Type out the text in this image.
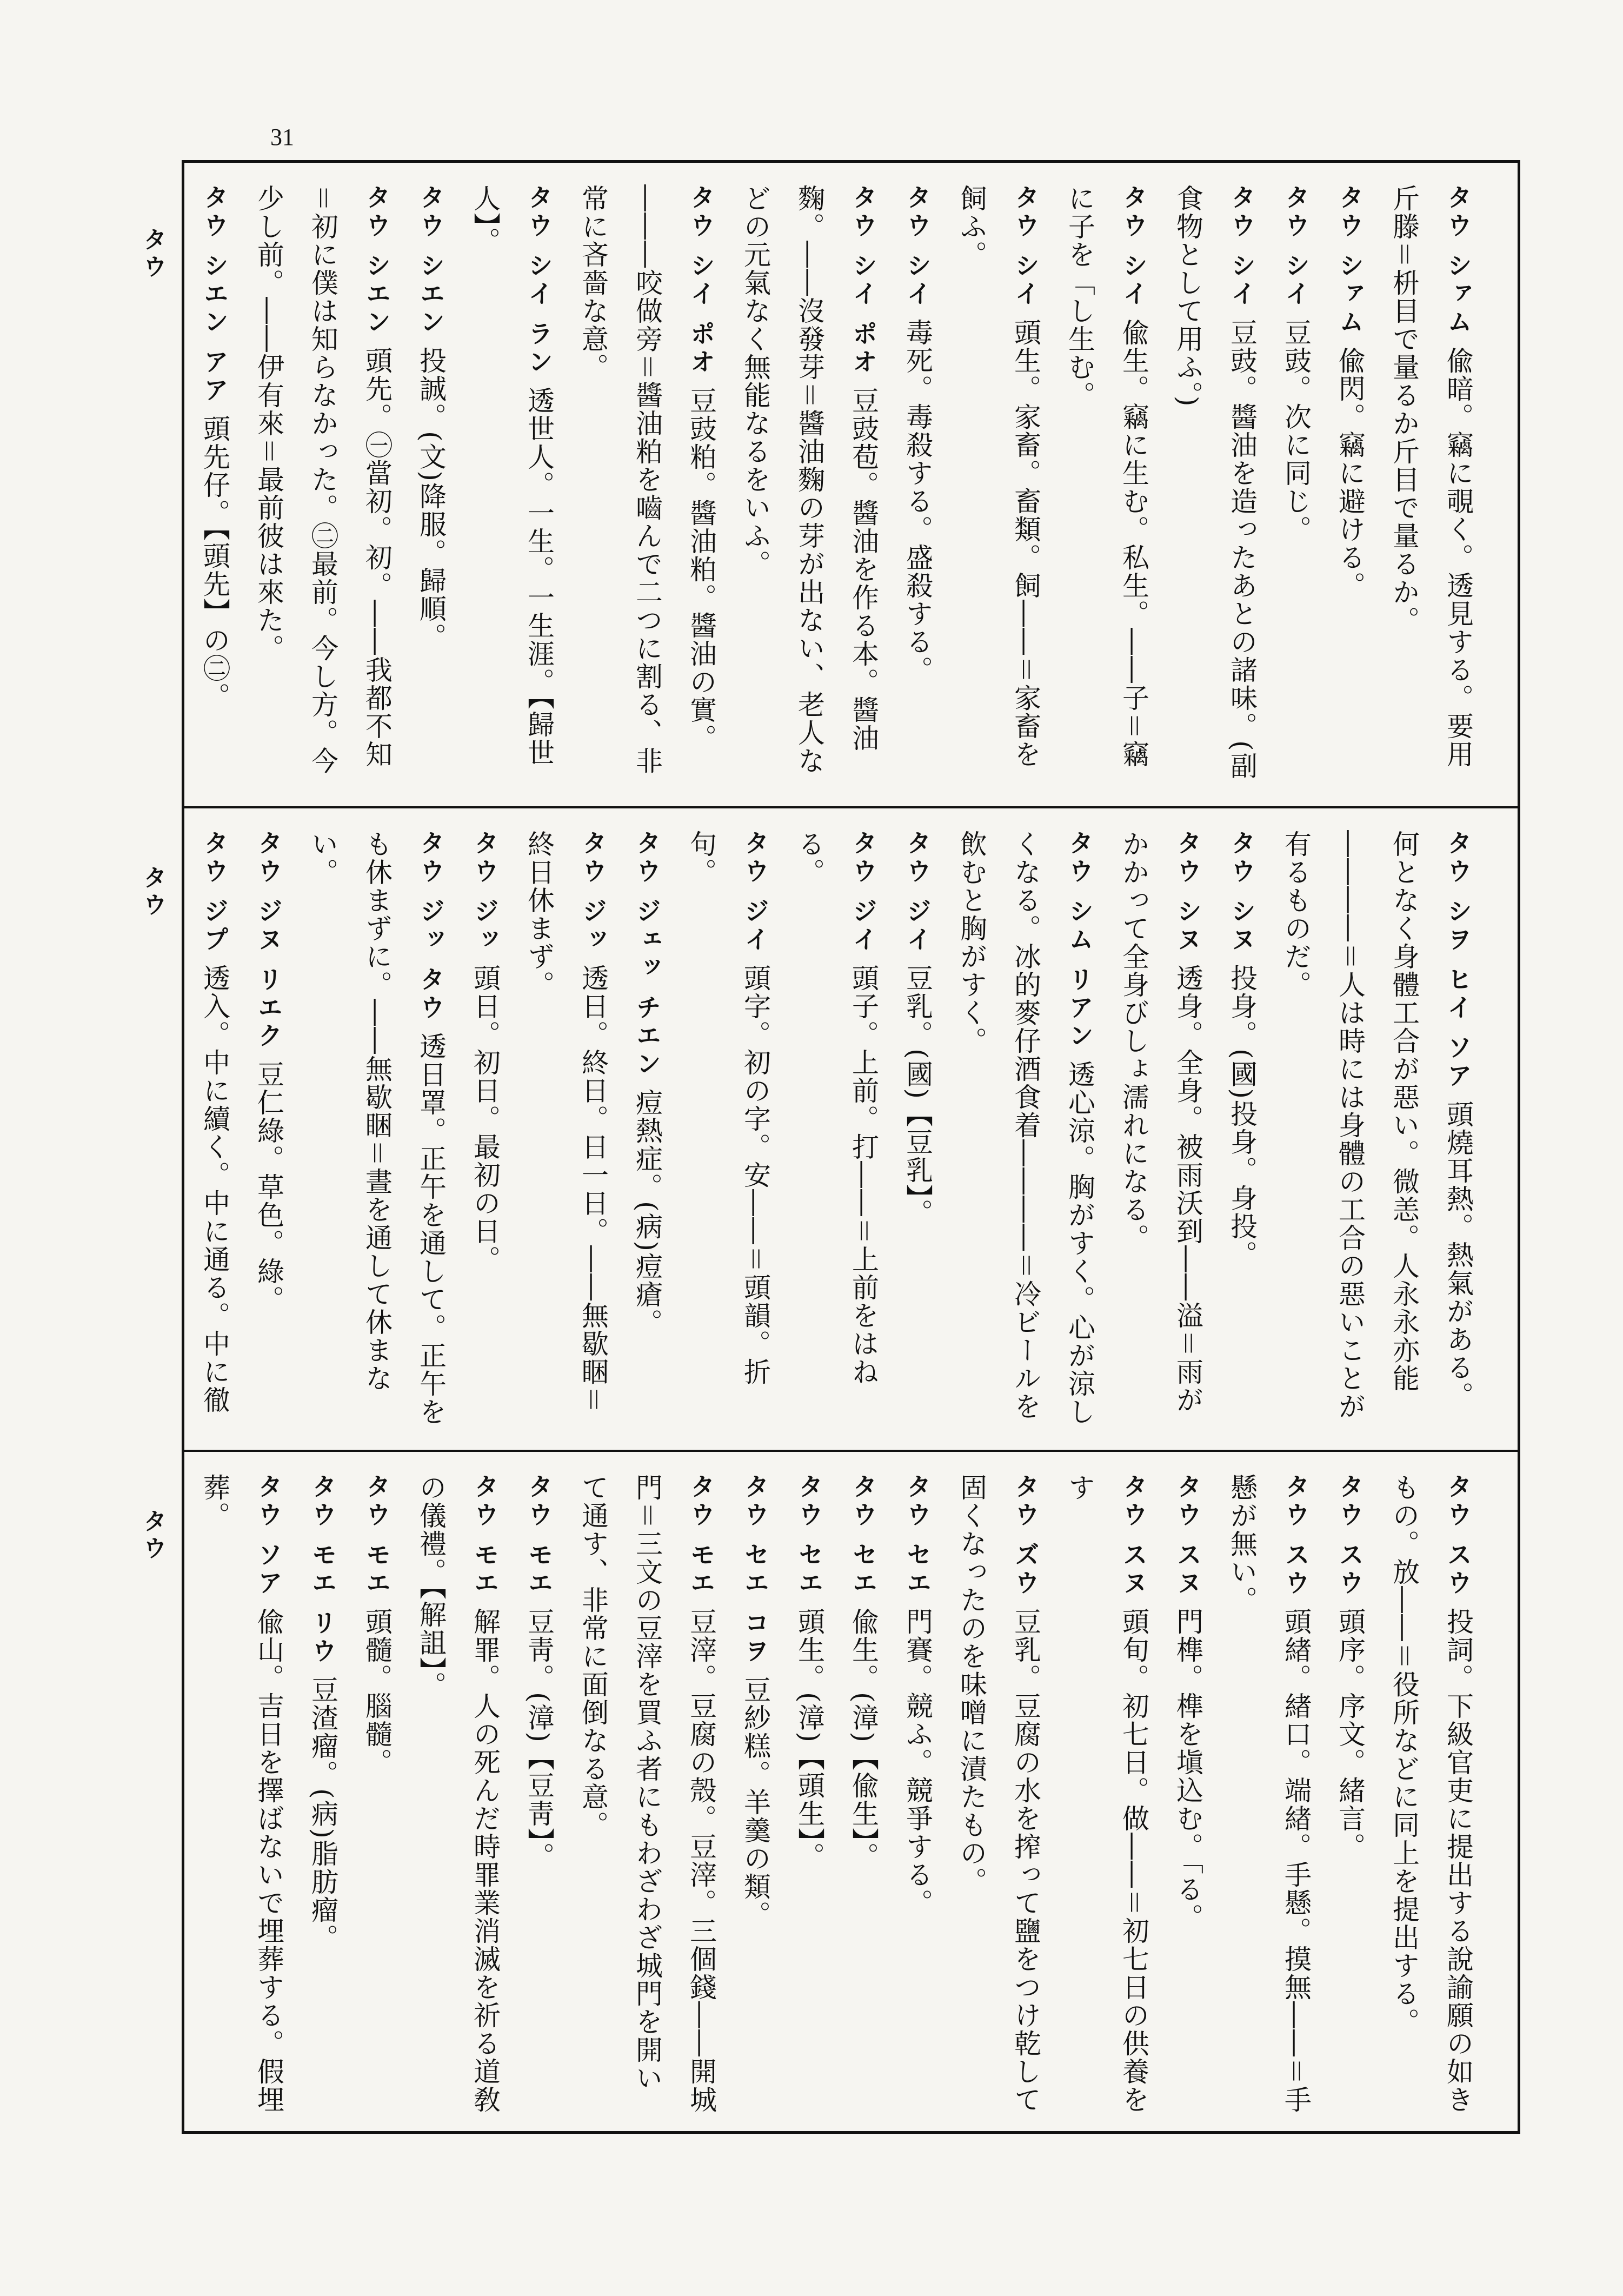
31
タウ
タウ
タウ

タウ シァム偸暗。竊に覗く。透見する。要用斤滕＝枡目で量るか斤目で量るか。

タウ シァム偸閃。竊に避ける。

タウ シイ豆豉。次に同じ。

タウ シイ豆豉。醬油を造ったあとの諸味。(副食物として用ふ。)

タウ シイ偸生。竊に生む。私生。――子＝竊に子を「し生む。

タウ シイ頭生。家畜。畜類。飼――＝家畜を飼ふ。

タウ シイ毒死。毒殺する。盛殺する。

タウ シイ ポオ豆豉苞。醬油を作る本。醬油麴。――沒發芽＝醬油麴の芽が出ない、老人などの元氣なく無能なるをいふ。

タウ シイ ポオ豆豉粕。醬油粕。醬油の實。―――咬做旁＝醬油粕を嚙んで二つに割る、非常に吝嗇な意。

タウ シイ ラン透世人。一生。一生涯。【歸世人】。

タウ シエン投誠。(文)降服。歸順。

タウ シエン頭先。㊀當初。初。――我都不知＝初に僕は知らなかった。㊁最前。今し方。今少し前。――伊有來＝最前彼は來た。

タウ シエン アア頭先仔。【頭先】の㊁。

タウ シヲ ヒイ ソア頭燒耳熱。熱氣がある。何となく身體工合が惡い。微恙。人永永亦能――――＝人は時には身體の工合の惡いことが有るものだ。

タウ シヌ投身。(國)投身。身投。

タウ シヌ透身。全身。被雨沃到――溢＝雨がかかって全身びしょ濡れになる。

タウ シム リアン透心涼。胸がすく。心が涼しくなる。冰的麥仔酒食着――――＝冷ビールを飲むと胸がすく。

タウ ジイ豆乳。(國)【豆乳】。

タウ ジイ頭子。上前。打――＝上前をはねる。

タウ ジイ頭字。初の字。安――＝頭韻。折句。

タウ ジェッ チエン痘熱症。(病)痘瘡。

タウ ジッ透日。終日。日一日。――無歇睏＝終日休まず。

タウ ジッ頭日。初日。最初の日。

タウ ジッ タウ透日罩。正午を通して。正午をも休まずに。――無歇睏＝晝を通して休まない。

タウ ジヌ リエク豆仁綠。草色。綠。

タウ ジプ透入。中に續く。中に通る。中に徹

タウ スウ投詞。下級官吏に提出する說諭願の如きもの。放――＝役所などに同上を提出する。

タウ スウ頭序。序文。緒言。

タウ スウ頭緖。緖口。端緖。手懸。摸無――＝手懸が無い。

タウ スヌ門榫。榫を塡込む。「る。

タウ スヌ頭旬。初七日。做――＝初七日の供養をす

タウ ズウ豆乳。豆腐の水を搾って鹽をつけ乾して固くなったのを味噌に漬たもの。

タウ セエ門賽。競ふ。競爭する。

タウ セエ偸生。(漳)【偸生】。

タウ セエ頭生。(漳)【頭生】。

タウ セエ コヲ豆紗糕。羊羹の類。

タウ モエ豆滓。豆腐の殼。豆滓。三個錢――開城門＝三文の豆滓を買ふ者にもわざわざ城門を開いて通す、非常に面倒なる意。

タウ モエ豆靑。(漳)【豆靑】。

タウ モエ解罪。人の死んだ時罪業消滅を祈る道敎の儀禮。【解詛】。

タウ モエ頭髓。腦髓。

タウ モエ リウ豆渣瘤。(病)脂肪瘤。

タウ ソア偸山。吉日を擇ばないで埋葬する。假埋葬。
